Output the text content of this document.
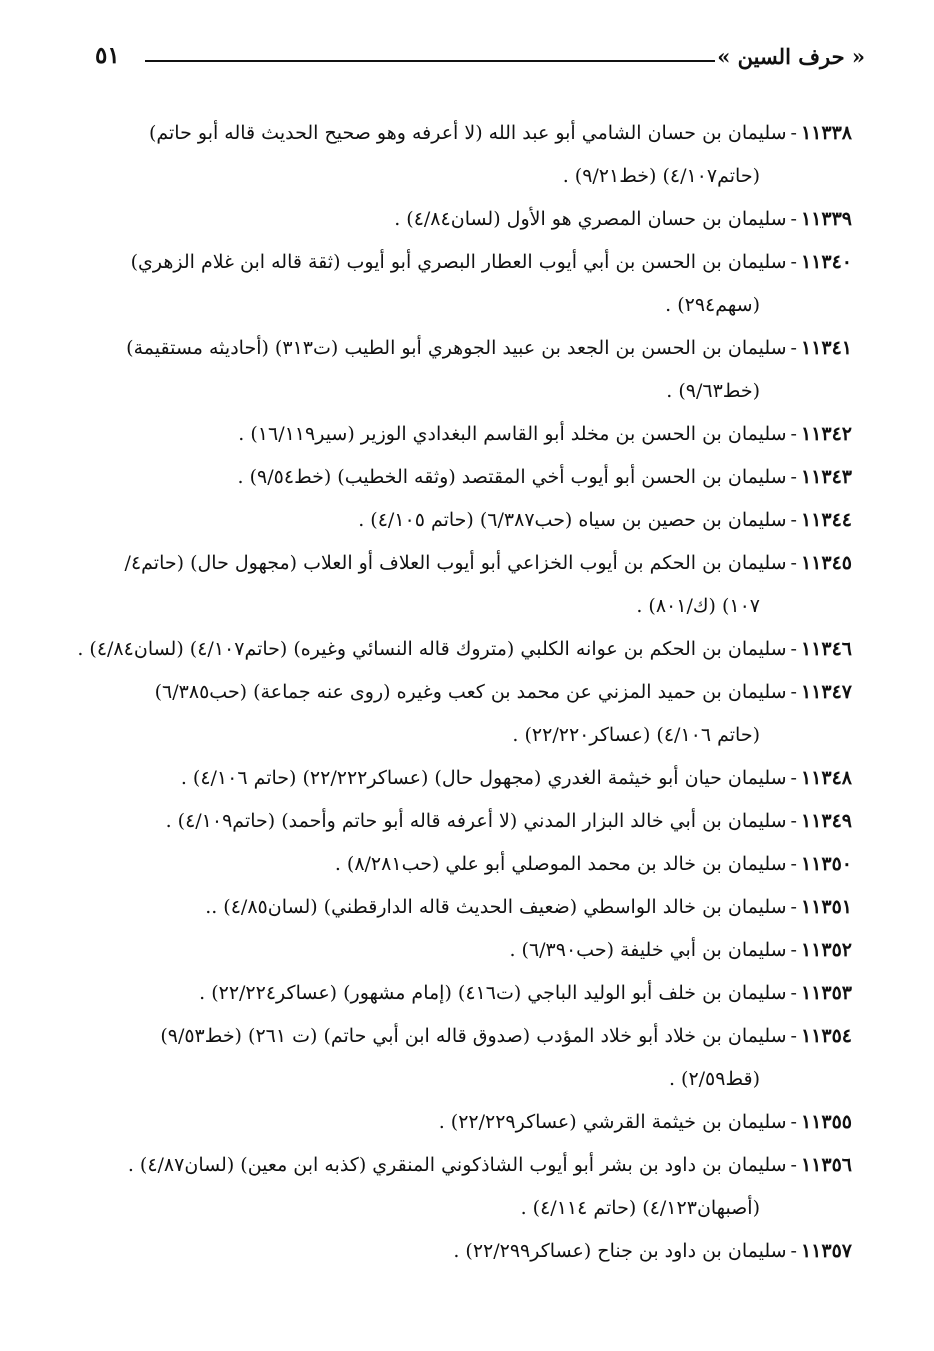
« حرف السين »
٥١
١١٣٣٨-سليمان بن حسان الشامي أبو عبد الله (لا أعرفه وهو صحيح الحديث قاله أبو حاتم)
(حاتم٤/١٠٧) (خط٩/٢١) .
١١٣٣٩-سليمان بن حسان المصري هو الأول (لسان٤/٨٤) .
١١٣٤٠-سليمان بن الحسن بن أبي أيوب العطار البصري أبو أيوب (ثقة قاله ابن غلام الزهري)
(سهم٢٩٤) .
١١٣٤١-سليمان بن الحسن بن الجعد بن عبيد الجوهري أبو الطيب (ت٣١٣) (أحاديثه مستقيمة)
(خط٩/٦٣) .
١١٣٤٢-سليمان بن الحسن بن مخلد أبو القاسم البغدادي الوزير (سير١٦/١١٩) .
١١٣٤٣-سليمان بن الحسن أبو أيوب أخي المقتصد (وثقه الخطيب) (خط٩/٥٤) .
١١٣٤٤-سليمان بن حصين بن سياه (حب٦/٣٨٧) (حاتم ٤/١٠٥) .
١١٣٤٥-سليمان بن الحكم بن أيوب الخزاعي أبو أيوب العلاف أو العلاب (مجهول حال) (حاتم٤/
١٠٧) (ك/٨٠١) .
١١٣٤٦-سليمان بن الحكم بن عوانه الكلبي (متروك قاله النسائي وغيره) (حاتم٤/١٠٧) (لسان٤/٨٤) .
١١٣٤٧-سليمان بن حميد المزني عن محمد بن كعب وغيره (روى عنه جماعة) (حب٦/٣٨٥)
(حاتم ٤/١٠٦) (عساكر٢٢/٢٢٠) .
١١٣٤٨-سليمان حيان أبو خيثمة الغدري (مجهول حال) (عساكر٢٢/٢٢٢) (حاتم ٤/١٠٦) .
١١٣٤٩-سليمان بن أبي خالد البزار المدني (لا أعرفه قاله أبو حاتم وأحمد) (حاتم٤/١٠٩) .
١١٣٥٠-سليمان بن خالد بن محمد الموصلي أبو علي (حب٨/٢٨١) .
١١٣٥١-سليمان بن خالد الواسطي (ضعيف الحديث قاله الدارقطني) (لسان٤/٨٥) ..
١١٣٥٢-سليمان بن أبي خليفة (حب٦/٣٩٠) .
١١٣٥٣-سليمان بن خلف أبو الوليد الباجي (ت٤١٦) (إمام مشهور) (عساكر٢٢/٢٢٤) .
١١٣٥٤-سليمان بن خلاد أبو خلاد المؤدب (صدوق قاله ابن أبي حاتم) (ت ٢٦١) (خط٩/٥٣)
(قط٢/٥٩) .
١١٣٥٥-سليمان بن خيثمة القرشي (عساكر٢٢/٢٢٩) .
١١٣٥٦-سليمان بن داود بن بشر أبو أيوب الشاذكوني المنقري (كذبه ابن معين) (لسان٤/٨٧) .
(أصبهان٤/١٢٣) (حاتم ٤/١١٤) .
١١٣٥٧-سليمان بن داود بن جناح (عساكر٢٢/٢٩٩) .
